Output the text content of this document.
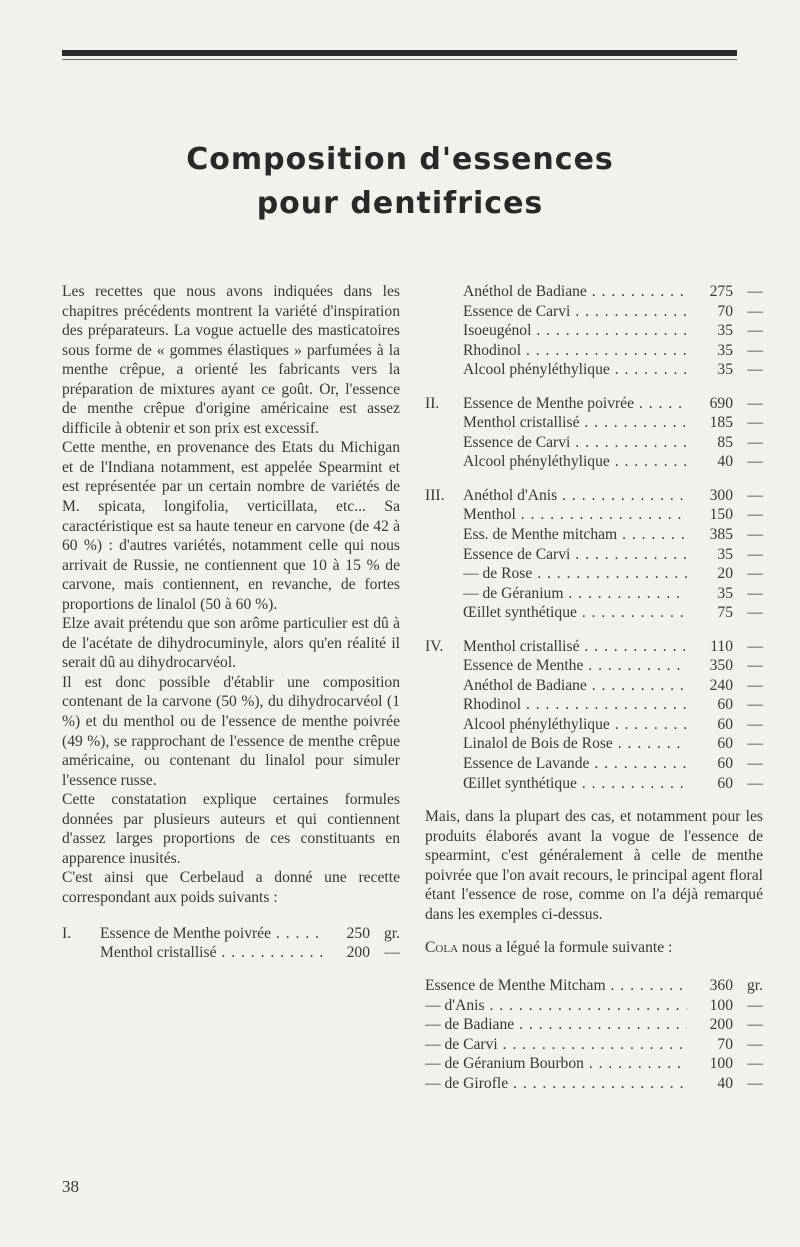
Composition d'essences
pour dentifrices

Les recettes que nous avons indiquées dans les chapitres précédents montrent la variété d'inspiration des préparateurs. La vogue actuelle des masticatoires sous forme de « gommes élastiques » parfumées à la menthe crêpue, a orienté les fabricants vers la préparation de mixtures ayant ce goût. Or, l'essence de menthe crêpue d'origine américaine est assez difficile à obtenir et son prix est excessif.

Cette menthe, en provenance des Etats du Michigan et de l'Indiana notamment, est appelée Spearmint et est représentée par un certain nombre de variétés de M. spicata, longifolia, verticillata, etc... Sa caractéristique est sa haute teneur en carvone (de 42 à 60 %) : d'autres variétés, notamment celle qui nous arrivait de Russie, ne contiennent que 10 à 15 % de carvone, mais contiennent, en revanche, de fortes proportions de linalol (50 à 60 %).

Elze avait prétendu que son arôme particulier est dû à de l'acétate de dihydrocuminyle, alors qu'en réalité il serait dû au dihydrocarvéol.

Il est donc possible d'établir une composition contenant de la carvone (50 %), du dihydrocarvéol (1 %) et du menthol ou de l'essence de menthe poivrée (49 %), se rapprochant de l'essence de menthe crêpue américaine, ou contenant du linalol pour simuler l'essence russe.

Cette constatation explique certaines formules données par plusieurs auteurs et qui contiennent d'assez larges proportions de ces constituants en apparence inusités.

C'est ainsi que Cerbelaud a donné une recette correspondant aux poids suivants :

I.	Essence de Menthe poivrée . . .	250 gr.
Menthol cristallisé . . .	200 —
Anéthol de Badiane . . .	275 —
Essence de Carvi . . .	70 —
Isoeugénol . . .	35 —
Rhodinol . . .	35 —
Alcool phényléthylique . . .	35 —
II.	Essence de Menthe poivrée . . .	690 —
Menthol cristallisé . . .	185 —
Essence de Carvi . . .	85 —
Alcool phényléthylique . . .	40 —
III.	Anéthol d'Anis . . .	300 —
Menthol . . .	150 —
Ess. de Menthe mitcham . . .	385 —
Essence de Carvi . . .	35 —
— de Rose . . .	20 —
— de Géranium . . .	35 —
Œillet synthétique . . .	75 —
IV.	Menthol cristallisé . . .	110 —
Essence de Menthe . . .	350 —
Anéthol de Badiane . . .	240 —
Rhodinol . . .	60 —
Alcool phényléthylique . . .	60 —
Linalol de Bois de Rose . . .	60 —
Essence de Lavande . . .	60 —
Œillet synthétique . . .	60 —

Mais, dans la plupart des cas, et notamment pour les produits élaborés avant la vogue de l'essence de spearmint, c'est généralement à celle de menthe poivrée que l'on avait recours, le principal agent floral étant l'essence de rose, comme on l'a déjà remarqué dans les exemples ci-dessus.

Cola nous a légué la formule suivante :

Essence de Menthe Mitcham . . .	360 gr.
— d'Anis . . .	100 —
— de Badiane . . .	200 —
— de Carvi . . .	70 —
— de Géranium Bourbon . . .	100 —
— de Girofle . . .	40 —
38
